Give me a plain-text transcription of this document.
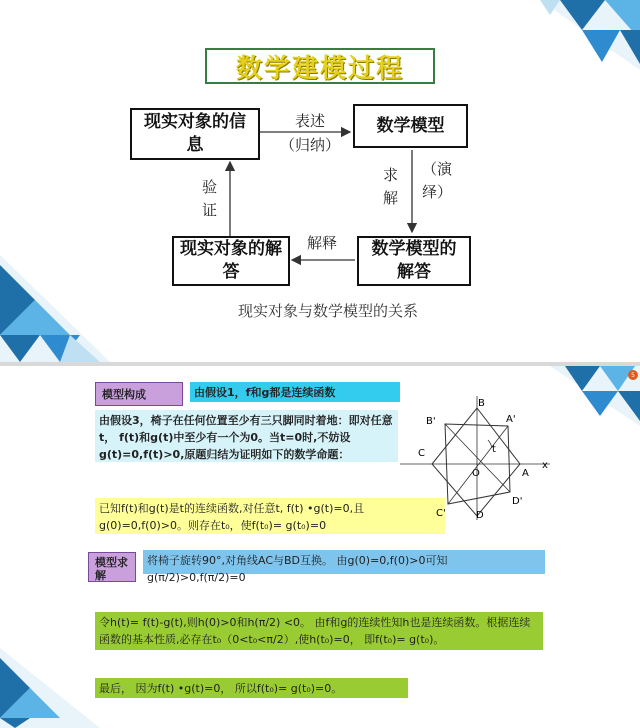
数学建模过程
现实对象的信息
数学模型
现实对象的解答
数学模型的解答
表述
（归纳）
求解
（演绎）
验证
解释
现实对象与数学模型的关系
5
模型构成	由假设1，f和g都是连续函数
由假设3，椅子在任何位置至少有三只脚同时着地：即对任意t， f(t)和g(t)中至少有一个为0。当t=0时,不妨设g(t)=0,f(t)>0,原题归结为证明如下的数学命题：
已知f(t)和g(t)是t的连续函数,对任意t, f(t) •g(t)=0,且g(0)=0,f(0)>0。则存在t₀，使f(t₀)= g(t₀)=0
B
A'
B'
C	t
O	A
x
C'
D'
D
模型求解
将椅子旋转90°,对角线AC与BD互换。 由g(0)=0,f(0)>0可知g(π/2)>0,f(π/2)=0
令h(t)= f(t)-g(t),则h(0)>0和h(π/2) <0。 由f和g的连续性知h也是连续函数。根据连续函数的基本性质,必存在t₀（0<t₀<π/2）,使h(t₀)=0， 即f(t₀)= g(t₀)。
最后， 因为f(t) •g(t)=0， 所以f(t₀)= g(t₀)=0。
